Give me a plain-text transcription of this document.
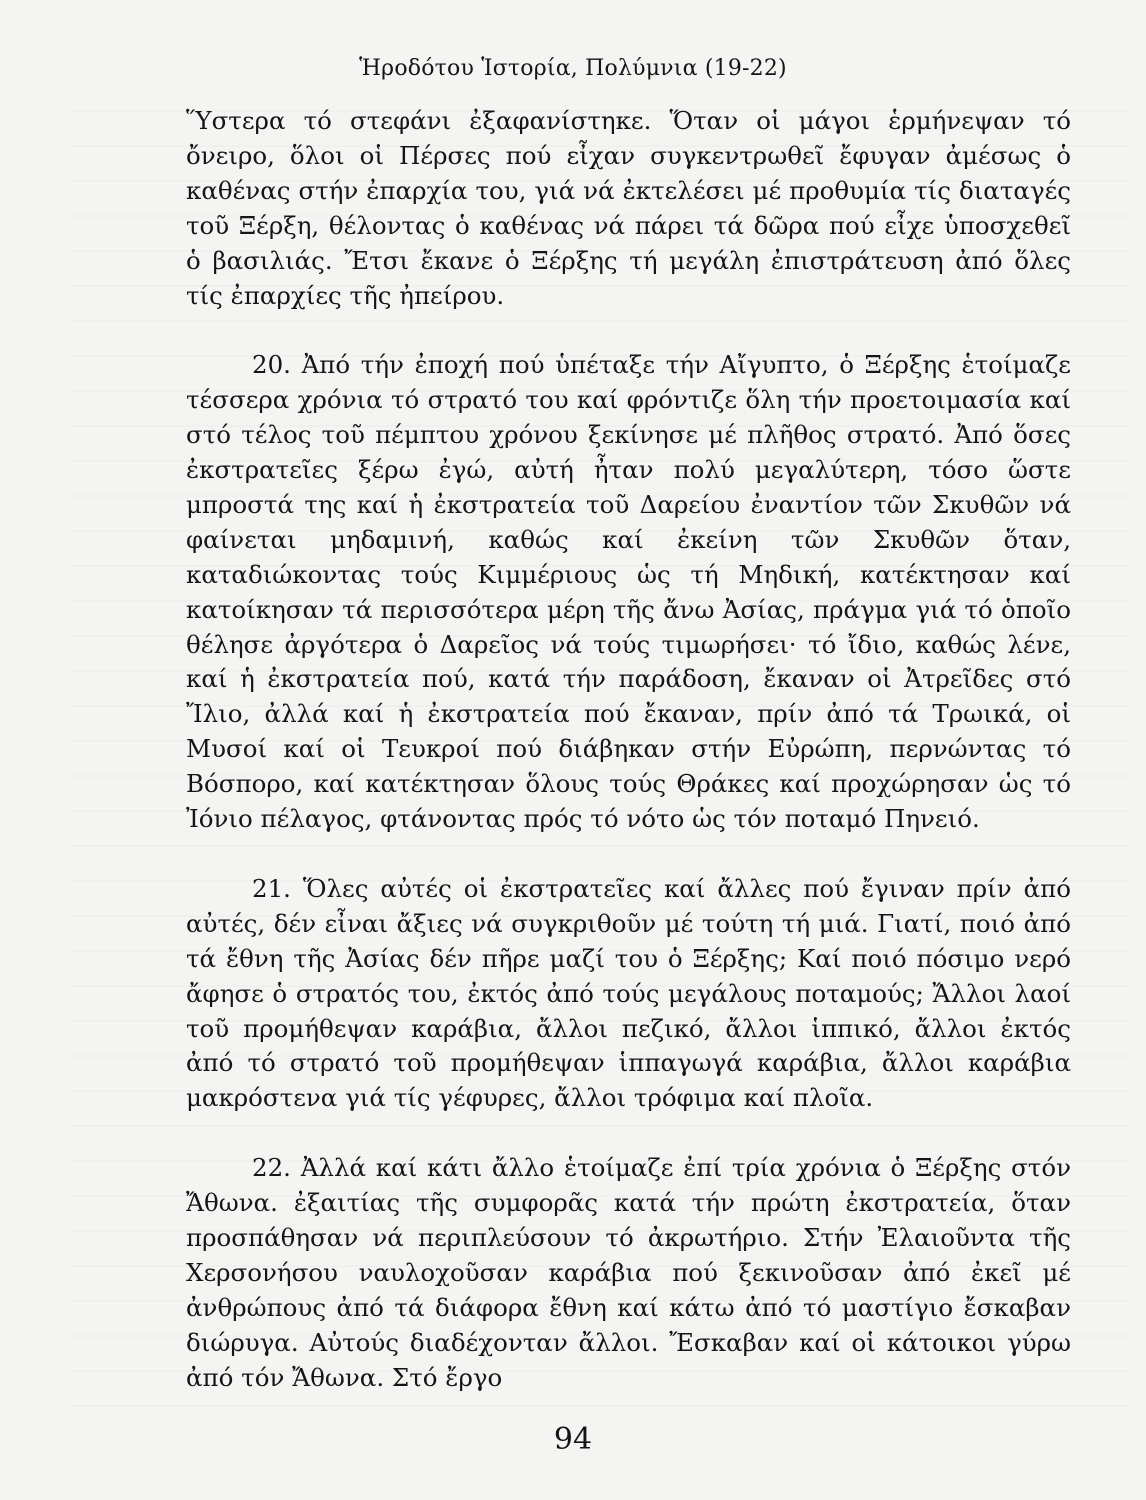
Ἡροδότου Ἱστορία, Πολύμνια (19-22)

Ὕστερα τό στεφάνι ἐξαφανίστηκε. Ὅταν οἱ μάγοι ἑρμήνεψαν τό ὄνειρο, ὅλοι οἱ Πέρσες πού εἶχαν συγκεντρωθεῖ ἔφυγαν ἀμέσως ὁ καθένας στήν ἐπαρχία του, γιά νά ἐκτελέσει μέ προθυμία τίς διαταγές τοῦ Ξέρξη, θέλοντας ὁ καθένας νά πάρει τά δῶρα πού εἶχε ὑποσχεθεῖ ὁ βασιλιάς. Ἔτσι ἔκανε ὁ Ξέρξης τή μεγάλη ἐπιστράτευση ἀπό ὅλες τίς ἐπαρχίες τῆς ἠπείρου.

20. Ἀπό τήν ἐποχή πού ὑπέταξε τήν Αἴγυπτο, ὁ Ξέρξης ἑτοίμαζε τέσσερα χρόνια τό στρατό του καί φρόντιζε ὅλη τήν προετοιμασία καί στό τέλος τοῦ πέμπτου χρόνου ξεκίνησε μέ πλῆθος στρατό. Ἀπό ὅσες ἐκστρατεῖες ξέρω ἐγώ, αὐτή ἦταν πολύ μεγαλύτερη, τόσο ὥστε μπροστά της καί ἡ ἐκστρατεία τοῦ Δαρείου ἐναντίον τῶν Σκυθῶν νά φαίνεται μηδαμινή, καθώς καί ἐκείνη τῶν Σκυθῶν ὅταν, καταδιώκοντας τούς Κιμμέριους ὡς τή Μηδική, κατέκτησαν καί κατοίκησαν τά περισσότερα μέρη τῆς ἄνω Ἀσίας, πράγμα γιά τό ὁποῖο θέλησε ἀργότερα ὁ Δαρεῖος νά τούς τιμωρήσει· τό ἴδιο, καθώς λένε, καί ἡ ἐκστρατεία πού, κατά τήν παράδοση, ἔκαναν οἱ Ἀτρεῖδες στό Ἴλιο, ἀλλά καί ἡ ἐκστρατεία πού ἔκαναν, πρίν ἀπό τά Τρωικά, οἱ Μυσοί καί οἱ Τευκροί πού διάβηκαν στήν Εὐρώπη, περνώντας τό Βόσπορο, καί κατέκτησαν ὅλους τούς Θράκες καί προχώρησαν ὡς τό Ἰόνιο πέλαγος, φτάνοντας πρός τό νότο ὡς τόν ποταμό Πηνειό.

21. Ὅλες αὐτές οἱ ἐκστρατεῖες καί ἄλλες πού ἔγιναν πρίν ἀπό αὐτές, δέν εἶναι ἄξιες νά συγκριθοῦν μέ τούτη τή μιά. Γιατί, ποιό ἀπό τά ἔθνη τῆς Ἀσίας δέν πῆρε μαζί του ὁ Ξέρξης; Καί ποιό πόσιμο νερό ἄφησε ὁ στρατός του, ἐκτός ἀπό τούς μεγάλους ποταμούς; Ἄλλοι λαοί τοῦ προμήθεψαν καράβια, ἄλλοι πεζικό, ἄλλοι ἱππικό, ἄλλοι ἐκτός ἀπό τό στρατό τοῦ προμήθεψαν ἱππαγωγά καράβια, ἄλλοι καράβια μακρόστενα γιά τίς γέφυρες, ἄλλοι τρόφιμα καί πλοῖα.

22. Ἀλλά καί κάτι ἄλλο ἑτοίμαζε ἐπί τρία χρόνια ὁ Ξέρξης στόν Ἄθωνα. ἐξαιτίας τῆς συμφορᾶς κατά τήν πρώτη ἐκστρατεία, ὅταν προσπάθησαν νά περιπλεύσουν τό ἀκρωτήριο. Στήν Ἐλαιοῦντα τῆς Χερσονήσου ναυλοχοῦσαν καράβια πού ξεκινοῦσαν ἀπό ἐκεῖ μέ ἀνθρώπους ἀπό τά διάφορα ἔθνη καί κάτω ἀπό τό μαστίγιο ἔσκαβαν διώρυγα. Αὐτούς διαδέχονταν ἄλλοι. Ἔσκαβαν καί οἱ κάτοικοι γύρω ἀπό τόν Ἄθωνα. Στό ἔργο

94
